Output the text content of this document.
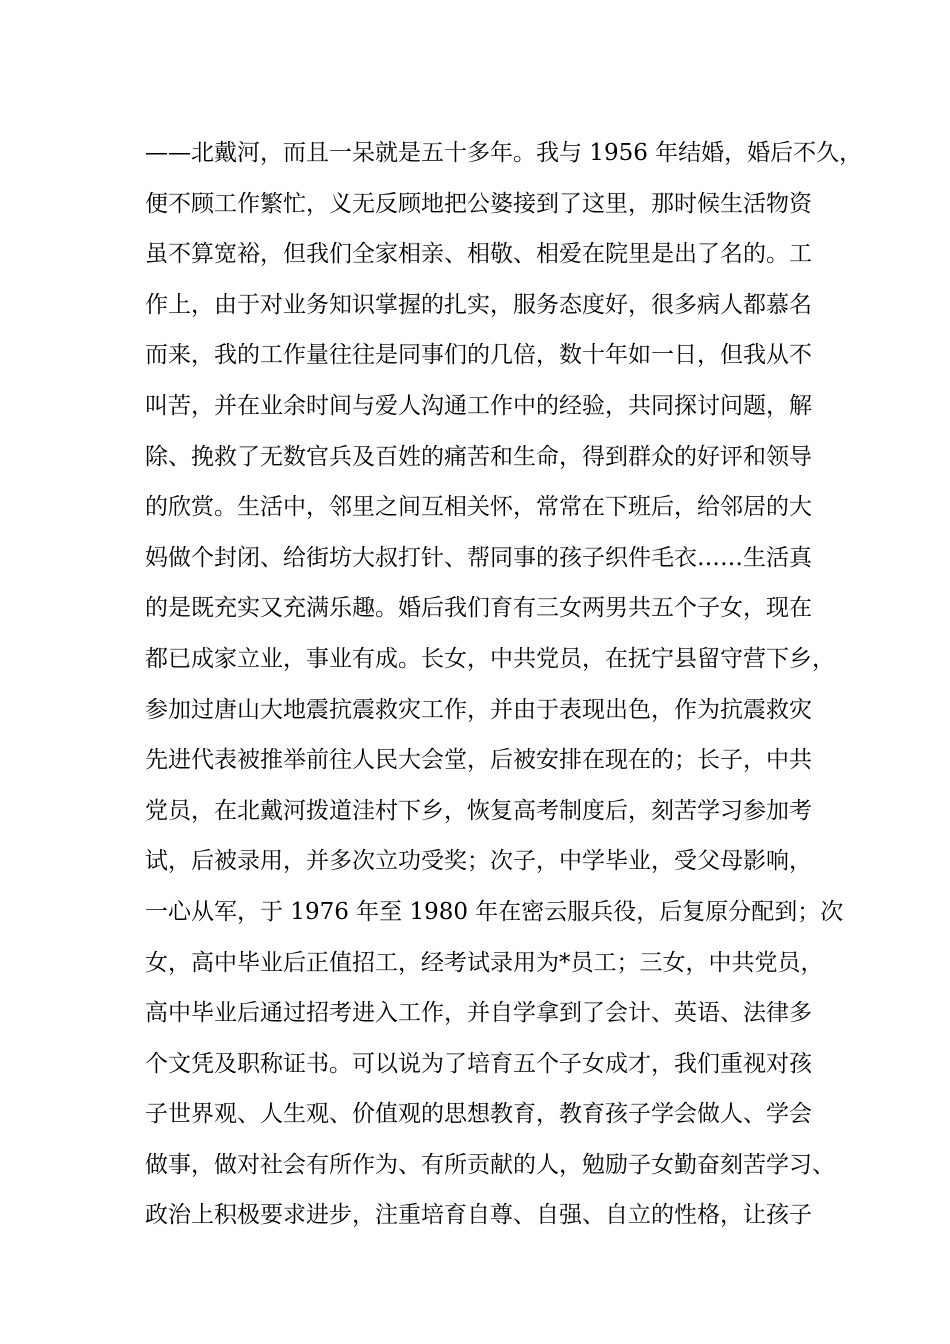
——北戴河，而且一呆就是五十多年。我与 1956 年结婚，婚后不久，
便不顾工作繁忙，义无反顾地把公婆接到了这里，那时候生活物资
虽不算宽裕，但我们全家相亲、相敬、相爱在院里是出了名的。工
作上，由于对业务知识掌握的扎实，服务态度好，很多病人都慕名
而来，我的工作量往往是同事们的几倍，数十年如一日，但我从不
叫苦，并在业余时间与爱人沟通工作中的经验，共同探讨问题，解
除、挽救了无数官兵及百姓的痛苦和生命，得到群众的好评和领导
的欣赏。生活中，邻里之间互相关怀，常常在下班后，给邻居的大
妈做个封闭、给街坊大叔打针、帮同事的孩子织件毛衣……生活真
的是既充实又充满乐趣。婚后我们育有三女两男共五个子女，现在
都已成家立业，事业有成。长女，中共党员，在抚宁县留守营下乡，
参加过唐山大地震抗震救灾工作，并由于表现出色，作为抗震救灾
先进代表被推举前往人民大会堂，后被安排在现在的；长子，中共
党员，在北戴河拨道洼村下乡，恢复高考制度后，刻苦学习参加考
试，后被录用，并多次立功受奖；次子，中学毕业，受父母影响，
一心从军，于 1976 年至 1980 年在密云服兵役，后复原分配到；次
女，高中毕业后正值招工，经考试录用为*员工；三女，中共党员，
高中毕业后通过招考进入工作，并自学拿到了会计、英语、法律多
个文凭及职称证书。可以说为了培育五个子女成才，我们重视对孩
子世界观、人生观、价值观的思想教育，教育孩子学会做人、学会
做事，做对社会有所作为、有所贡献的人，勉励子女勤奋刻苦学习、
政治上积极要求进步，注重培育自尊、自强、自立的性格，让孩子
